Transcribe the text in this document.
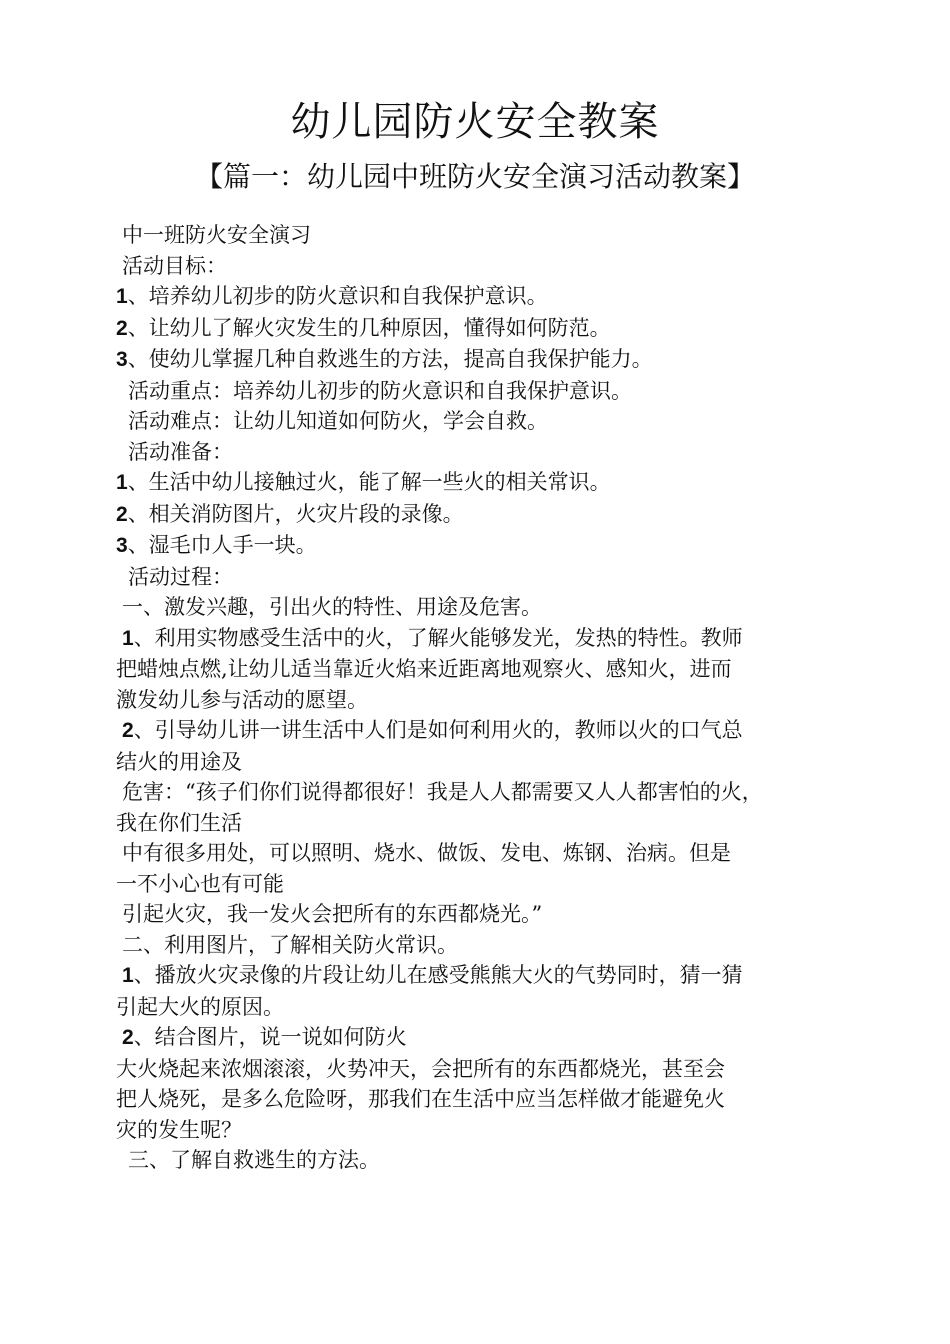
幼儿园防火安全教案
【篇一：幼儿园中班防火安全演习活动教案】
中一班防火安全演习
活动目标：
1、培养幼儿初步的防火意识和自我保护意识。
2、让幼儿了解火灾发生的几种原因，懂得如何防范。
3、使幼儿掌握几种自救逃生的方法，提高自我保护能力。
活动重点：培养幼儿初步的防火意识和自我保护意识。
活动难点：让幼儿知道如何防火，学会自救。
活动准备：
1、生活中幼儿接触过火，能了解一些火的相关常识。
2、相关消防图片，火灾片段的录像。
3、湿毛巾人手一块。
活动过程：
一、激发兴趣，引出火的特性、用途及危害。
1、利用实物感受生活中的火，了解火能够发光，发热的特性。教师
把蜡烛点燃,让幼儿适当靠近火焰来近距离地观察火、感知火，进而
激发幼儿参与活动的愿望。
2、引导幼儿讲一讲生活中人们是如何利用火的，教师以火的口气总
结火的用途及
危害：“孩子们你们说得都很好！我是人人都需要又人人都害怕的火，
我在你们生活
中有很多用处，可以照明、烧水、做饭、发电、炼钢、治病。但是
一不小心也有可能
引起火灾，我一发火会把所有的东西都烧光。”
二、利用图片，了解相关防火常识。
1、播放火灾录像的片段让幼儿在感受熊熊大火的气势同时，猜一猜
引起大火的原因。
2、结合图片，说一说如何防火
大火烧起来浓烟滚滚，火势冲天，会把所有的东西都烧光，甚至会
把人烧死，是多么危险呀，那我们在生活中应当怎样做才能避免火
灾的发生呢？
三、了解自救逃生的方法。
